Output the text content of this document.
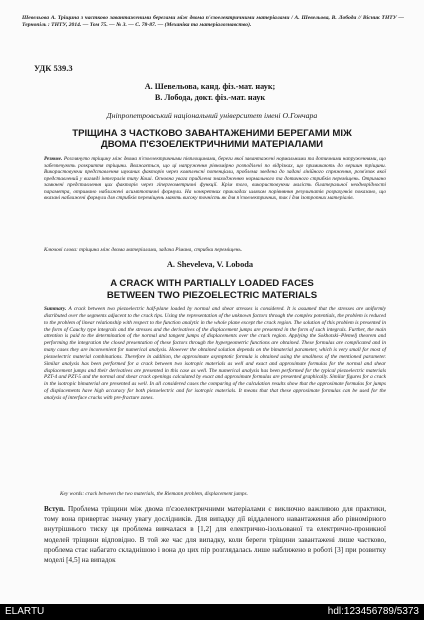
Шевельова А. Тріщина з частково завантаженими берегами між двома п'єзоелектричними матеріалами / А. Шевельова, В. Лобода // Вісник ТНТУ — Тернопіль : ТНТУ, 2014. — Том 75. — № 3. — С. 78-87. — (Механіка та матеріалознавство).
УДК 539.3
А. Шевельова, канд. фіз.-мат. наук;
В. Лобода, докт. фіз.-мат. наук
Дніпропетровський національний університет імені О.Гончара
ТРІЩИНА З ЧАСТКОВО ЗАВАНТАЖЕНИМИ БЕРЕГАМИ МІЖ
ДВОМА П'ЄЗОЕЛЕКТРИЧНИМИ МАТЕРІАЛАМИ
Резюме. Розглянуто тріщину між двома п'єзоелектричними півплощинами, береги якої завантажені нормальними та дотичними напруженнями, що забезпечують розкриття тріщини. Вважається, що ці напруження рівномірно розподілені по відрізках, що примикають до вершин тріщини. Використовуючи представлення шуканих факторів через комплексні потенціали, проблема зведена до задачі лінійного спряження, розв'язок якої представлений у вигляді інтегралів типу Коші. Основна увага приділена знаходженню нормального та дотичного стрибків переміщень. Отримано замкнені представлення цих факторів через гіпергеометричні функції. Крім того, використовуючи малість білатеральної неоднорідності параметра, отримано наближені асимптотичні формули. На конкретних прикладах шляхом порівняння результатів розрахунків показано, що вказані наближені формули для стрибків переміщень мають високу точність як для п'єзоелектричних, так і для ізотропних матеріалів.
Ключові слова: тріщина між двома матеріалами, задача Рімана, стрибки переміщень.
A. Sheveleva, V. Loboda
A CRACK WITH PARTIALLY LOADED FACES
BETWEEN TWO PIEZOELECTRIC MATERIALS
Summary. A crack between two piezoelectric half-plane loaded by normal and shear stresses is considered. It is assumed that the stresses are uniformly distributed over the segments adjacent to the crack tips. Using the representation of the unknown factors through the complex potentials, the problem is reduced to the problem of linear relationship with respect to the function analytic in the whole plane except the crack region. The solution of this problem is presented in the form of Cauchy type integrals and the stresses and the derivatives of the displacement jumps are presented in the form of such integrals. Further, the main attention is paid to the determination of the normal and tangent jumps of displacements over the crack region. Applying the Sokhotski–Plemelj theorem and performing the integration the closed presentation of these factors through the hypergeometric functions are obtained. These formulas are complicated and in many cases they are inconvenient for numerical analysis. However the obtained solution depends on the bimaterial parameter, which is very small for most of piezoelectric material combinations. Therefore in addition, the approximate asymptotic formula is obtained using the smallness of the mentioned parameter. Similar analysis has been performed for a crack between two isotropic materials as well and exact and approximate formulas for the normal and shear displacement jumps and their derivatives are presented in this case as well. The numerical analysis has been performed for the typical piezoelectric materials PZT-4 and PZT-5 and the normal and shear crack openings calculated by exact and approximate formulas are presented graphically. Similar figures for a crack in the isotropic bimaterial are presented as well. In all considered cases the comparing of the calculation results show that the approximate formulas for jumps of displacements have high accuracy for both piezoelectric and for isotropic materials. It means that that these approximate formulas can be used for the analysis of interface cracks with pre-fracture zones.
Key words: crack between the two materials, the Riemann problem, displacement jumps.
Вступ. Проблема тріщини між двома п'єзоелектричними матеріалами є виключно важливою для практики, тому вона привертає значну увагу дослідників. Для випадку дії віддаленого навантаження або рівномірного внутрішнього тиску ця проблема вивчалася в [1,2] для електрично-ізольованої та електрично-проникної моделей тріщини відповідно. В той же час для випадку, коли береги тріщини завантажені лише частково, проблема стає набагато складнішою і вона до цих пір розглядалась лише наближено в роботі [3] при розвитку моделі [4,5] на випадок
ELARTU	hdl:123456789/5373
